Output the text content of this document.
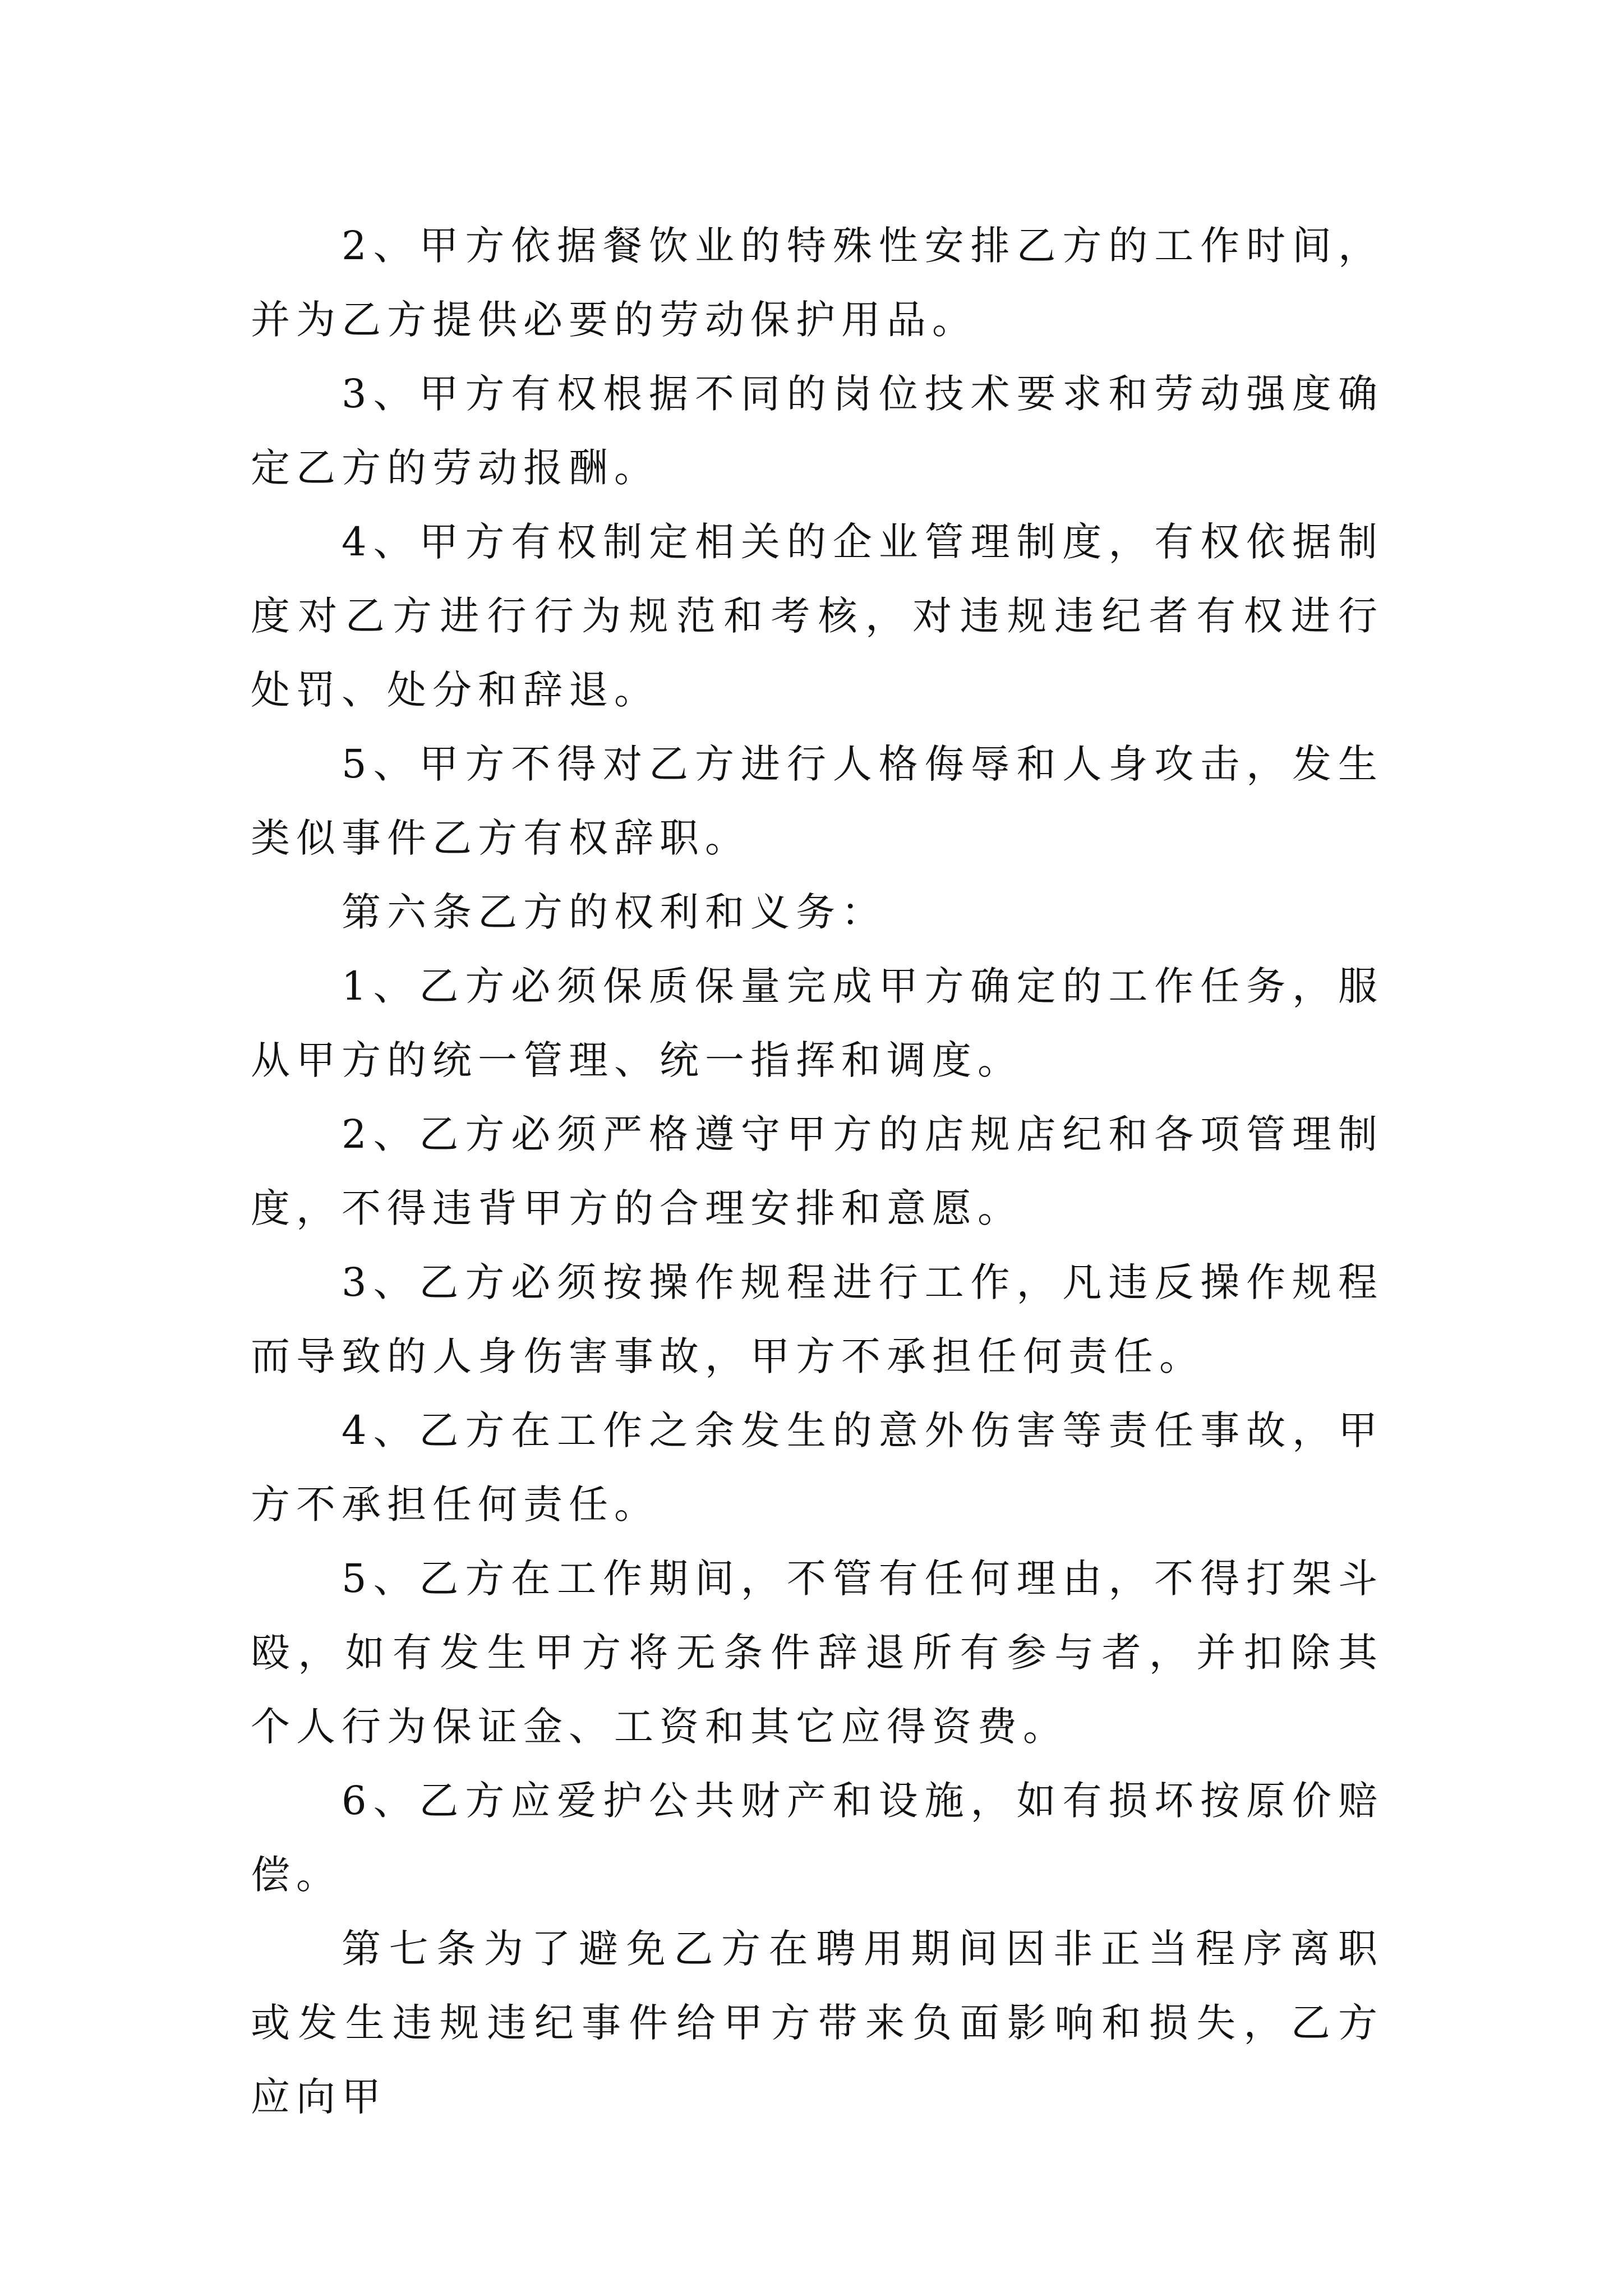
2、甲方依据餐饮业的特殊性安排乙方的工作时间，并为乙方提供必要的劳动保护用品。

3、甲方有权根据不同的岗位技术要求和劳动强度确定乙方的劳动报酬。

4、甲方有权制定相关的企业管理制度，有权依据制度对乙方进行行为规范和考核，对违规违纪者有权进行处罚、处分和辞退。

5、甲方不得对乙方进行人格侮辱和人身攻击，发生类似事件乙方有权辞职。

第六条乙方的权利和义务：

1、乙方必须保质保量完成甲方确定的工作任务，服从甲方的统一管理、统一指挥和调度。

2、乙方必须严格遵守甲方的店规店纪和各项管理制度，不得违背甲方的合理安排和意愿。

3、乙方必须按操作规程进行工作，凡违反操作规程而导致的人身伤害事故，甲方不承担任何责任。

4、乙方在工作之余发生的意外伤害等责任事故，甲方不承担任何责任。

5、乙方在工作期间，不管有任何理由，不得打架斗殴，如有发生甲方将无条件辞退所有参与者，并扣除其个人行为保证金、工资和其它应得资费。

6、乙方应爱护公共财产和设施，如有损坏按原价赔偿。

第七条为了避免乙方在聘用期间因非正当程序离职或发生违规违纪事件给甲方带来负面影响和损失，乙方应向甲
